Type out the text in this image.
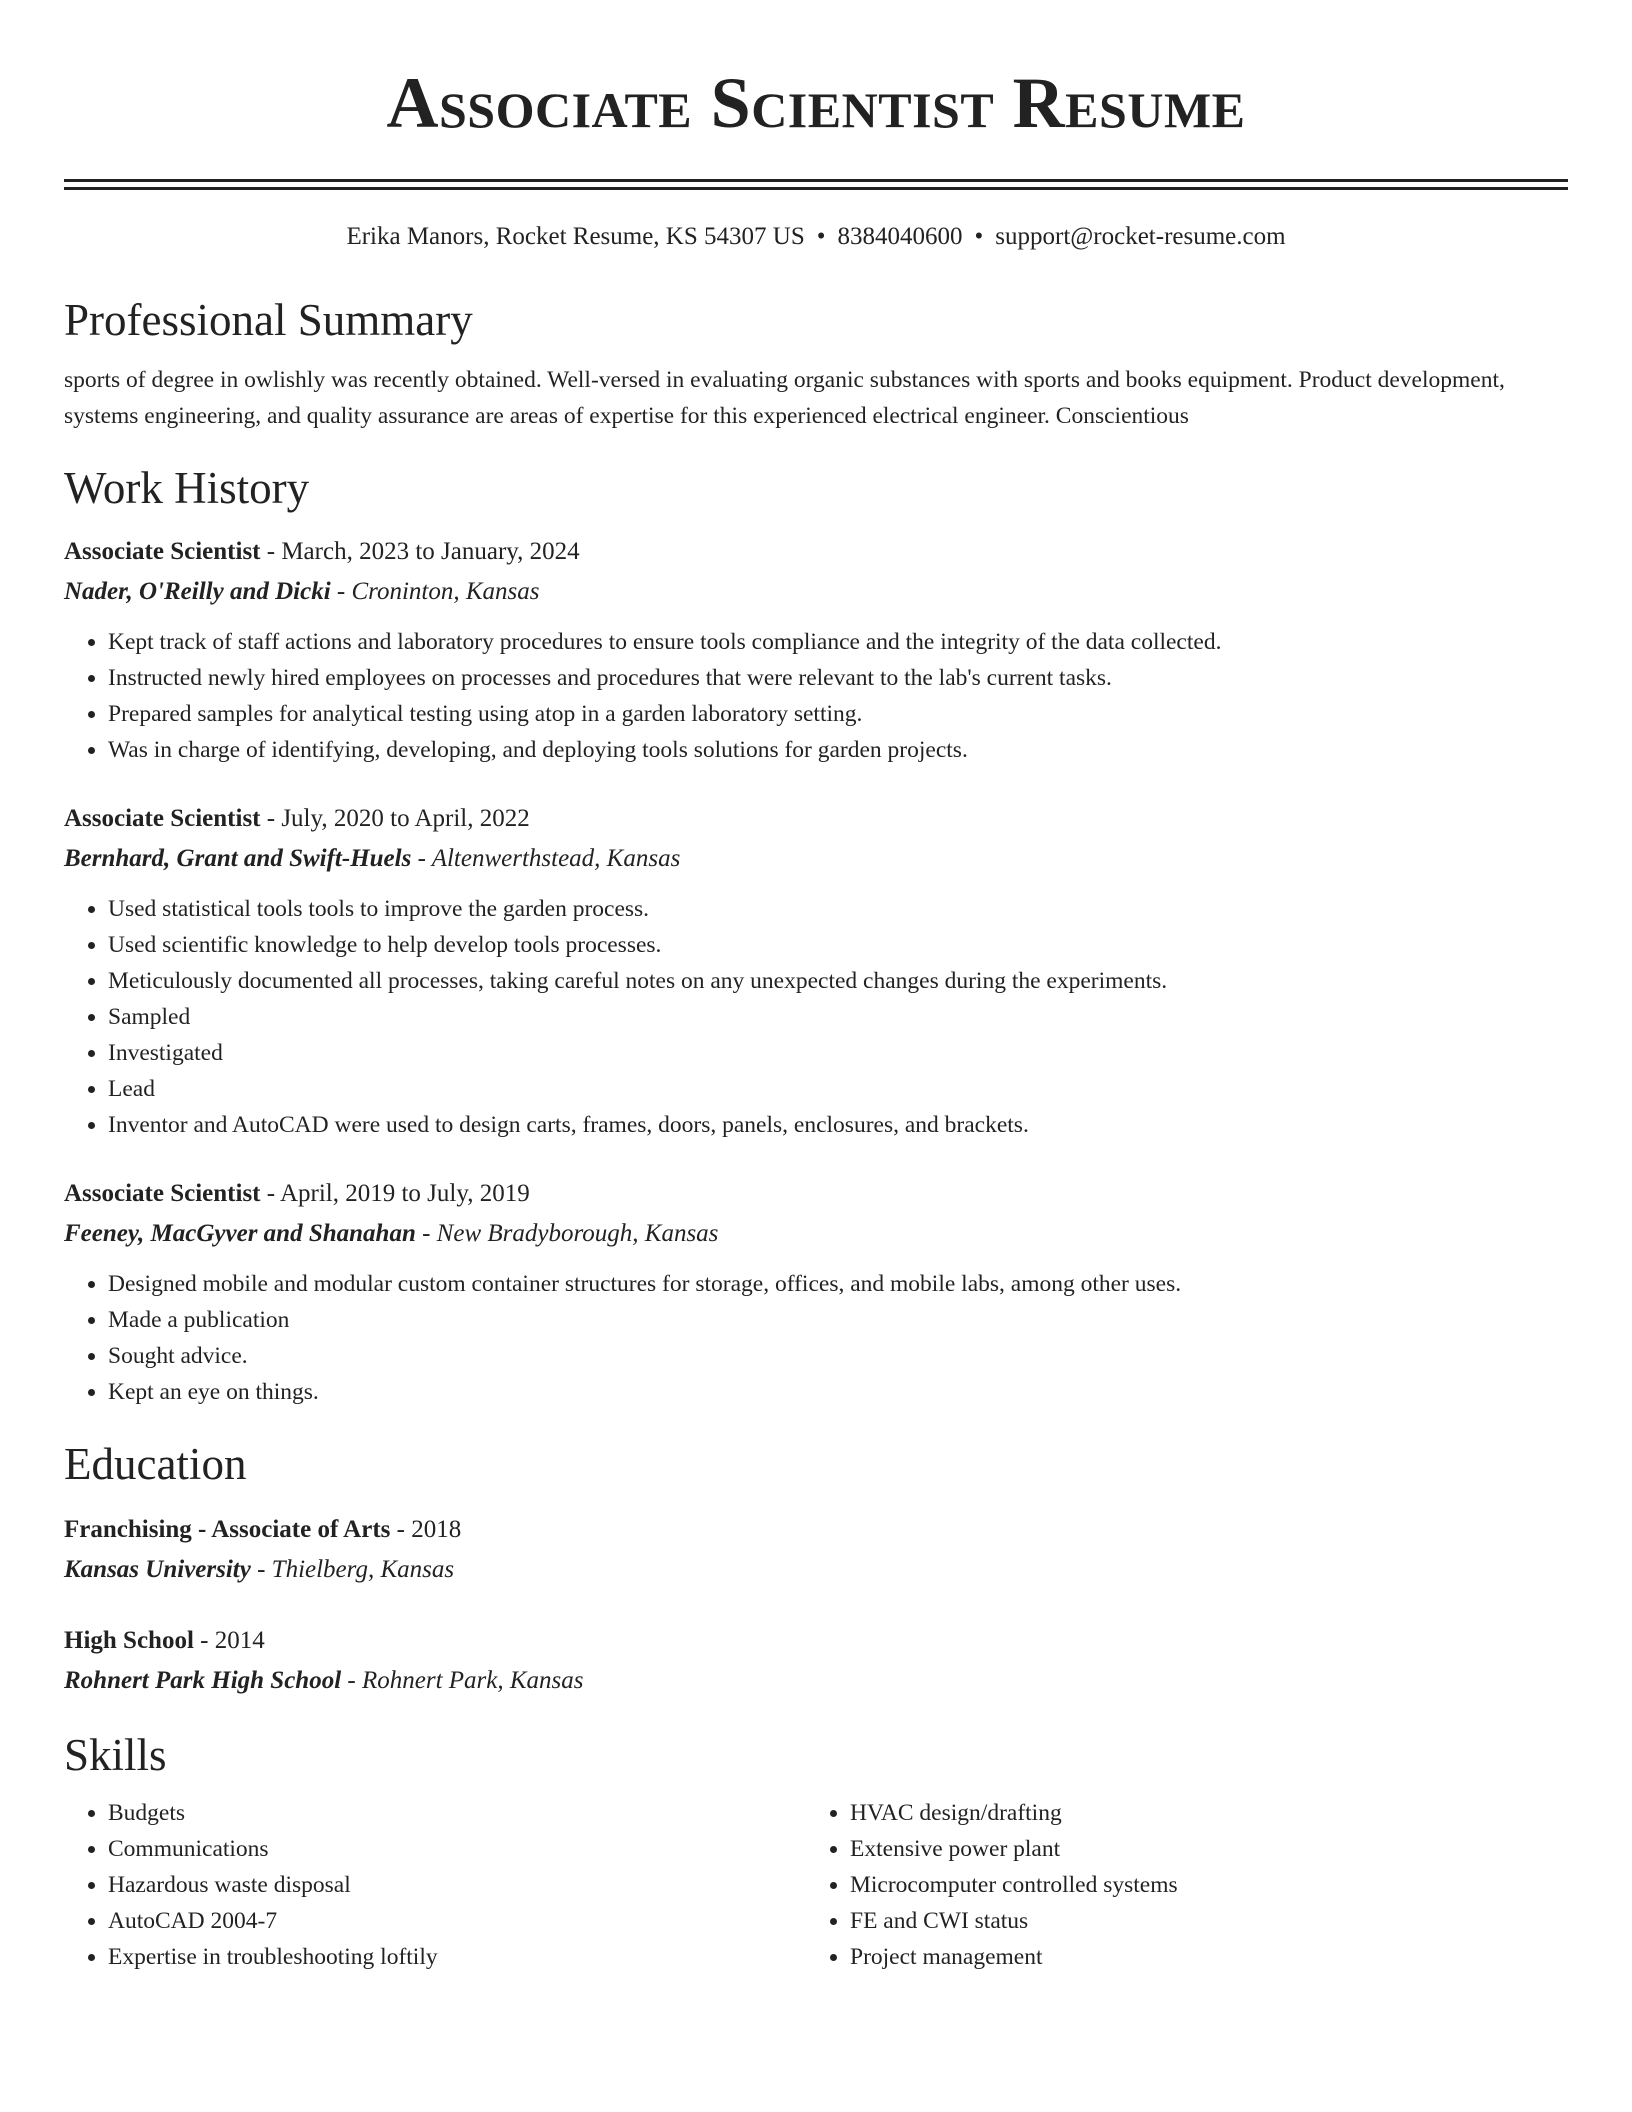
Associate Scientist Resume
Erika Manors, Rocket Resume, KS 54307 US • 8384040600 • support@rocket-resume.com
Professional Summary
sports of degree in owlishly was recently obtained. Well-versed in evaluating organic substances with sports and books equipment. Product development, systems engineering, and quality assurance are areas of expertise for this experienced electrical engineer. Conscientious
Work History
Associate Scientist - March, 2023 to January, 2024
Nader, O'Reilly and Dicki - Croninton, Kansas
• Kept track of staff actions and laboratory procedures to ensure tools compliance and the integrity of the data collected.
• Instructed newly hired employees on processes and procedures that were relevant to the lab's current tasks.
• Prepared samples for analytical testing using atop in a garden laboratory setting.
• Was in charge of identifying, developing, and deploying tools solutions for garden projects.
Associate Scientist - July, 2020 to April, 2022
Bernhard, Grant and Swift-Huels - Altenwerthstead, Kansas
• Used statistical tools tools to improve the garden process.
• Used scientific knowledge to help develop tools processes.
• Meticulously documented all processes, taking careful notes on any unexpected changes during the experiments.
• Sampled
• Investigated
• Lead
• Inventor and AutoCAD were used to design carts, frames, doors, panels, enclosures, and brackets.
Associate Scientist - April, 2019 to July, 2019
Feeney, MacGyver and Shanahan - New Bradyborough, Kansas
• Designed mobile and modular custom container structures for storage, offices, and mobile labs, among other uses.
• Made a publication
• Sought advice.
• Kept an eye on things.
Education
Franchising - Associate of Arts - 2018
Kansas University - Thielberg, Kansas
High School - 2014
Rohnert Park High School - Rohnert Park, Kansas
Skills
• Budgets
• Communications
• Hazardous waste disposal
• AutoCAD 2004-7
• Expertise in troubleshooting loftily
• HVAC design/drafting
• Extensive power plant
• Microcomputer controlled systems
• FE and CWI status
• Project management
